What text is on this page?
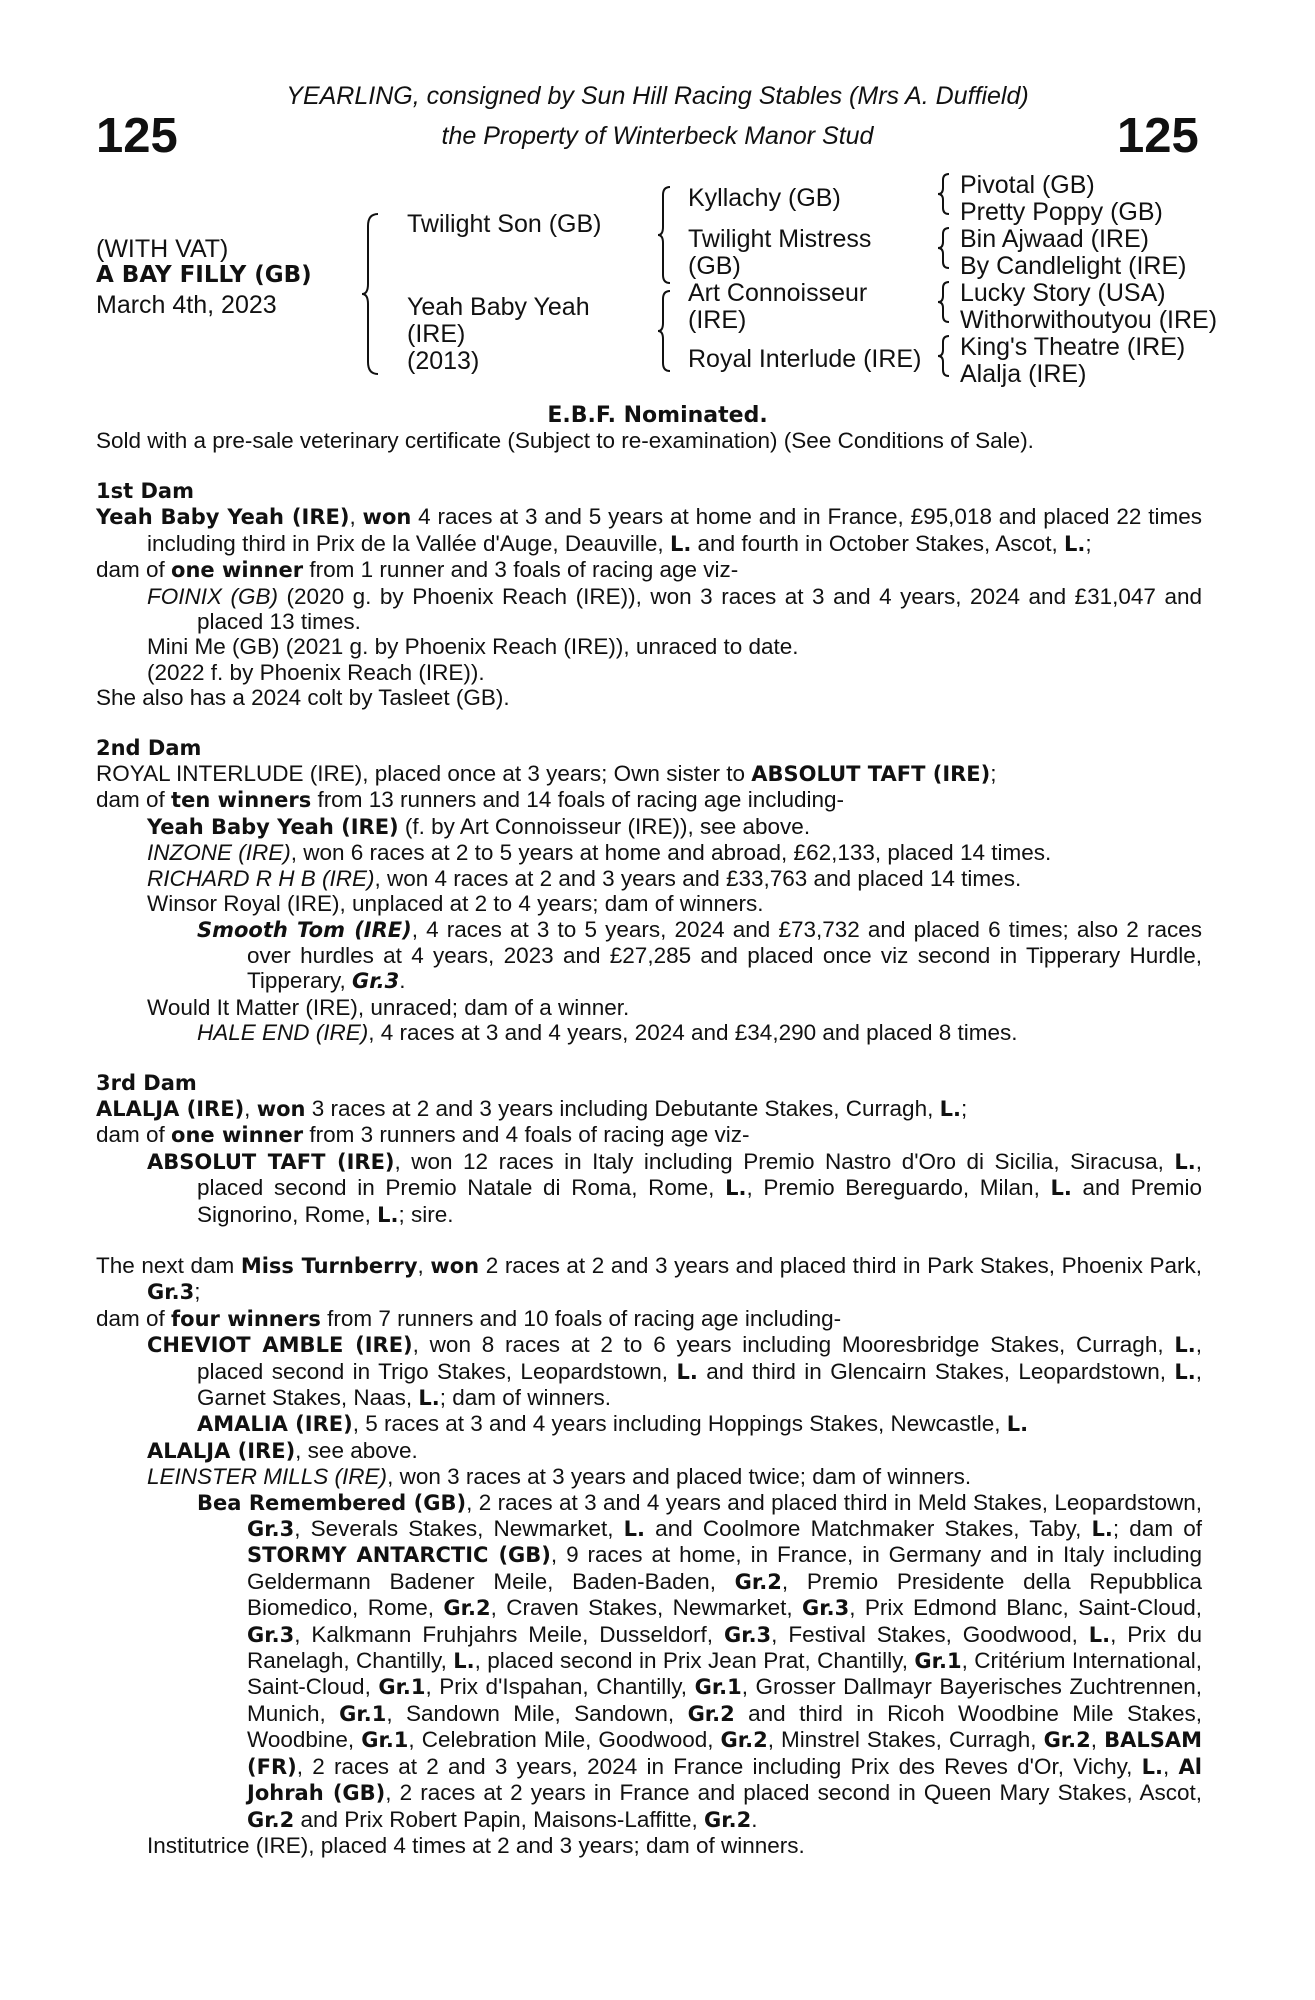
125	125
YEARLING, consigned by Sun Hill Racing Stables (Mrs A. Duffield)
the Property of Winterbeck Manor Stud
(WITH VAT)
A BAY FILLY (GB)
March 4th, 2023
Twilight Son (GB)
Yeah Baby Yeah
(IRE)
(2013)
Kyllachy (GB)
Twilight Mistress
(GB)
Art Connoisseur
(IRE)
Royal Interlude (IRE)
Pivotal (GB)
Pretty Poppy (GB)
Bin Ajwaad (IRE)
By Candlelight (IRE)
Lucky Story (USA)
Withorwithoutyou (IRE)
King's Theatre (IRE)
Alalja (IRE)
E.B.F. Nominated.
Sold with a pre-sale veterinary certificate (Subject to re-examination) (See Conditions of Sale).

1st Dam

Yeah Baby Yeah (IRE), won 4 races at 3 and 5 years at home and in France, £95,018 and placed 22 times including third in Prix de la Vallée d'Auge, Deauville, L. and fourth in October Stakes, Ascot, L.;

dam of one winner from 1 runner and 3 foals of racing age viz-

FOINIX (GB) (2020 g. by Phoenix Reach (IRE)), won 3 races at 3 and 4 years, 2024 and £31,047 and placed 13 times.

Mini Me (GB) (2021 g. by Phoenix Reach (IRE)), unraced to date.

(2022 f. by Phoenix Reach (IRE)).

She also has a 2024 colt by Tasleet (GB).

2nd Dam

ROYAL INTERLUDE (IRE), placed once at 3 years; Own sister to ABSOLUT TAFT (IRE);

dam of ten winners from 13 runners and 14 foals of racing age including-

Yeah Baby Yeah (IRE) (f. by Art Connoisseur (IRE)), see above.

INZONE (IRE), won 6 races at 2 to 5 years at home and abroad, £62,133, placed 14 times.

RICHARD R H B (IRE), won 4 races at 2 and 3 years and £33,763 and placed 14 times.

Winsor Royal (IRE), unplaced at 2 to 4 years; dam of winners.

Smooth Tom (IRE), 4 races at 3 to 5 years, 2024 and £73,732 and placed 6 times; also 2 races over hurdles at 4 years, 2023 and £27,285 and placed once viz second in Tipperary Hurdle, Tipperary, Gr.3.

Would It Matter (IRE), unraced; dam of a winner.

HALE END (IRE), 4 races at 3 and 4 years, 2024 and £34,290 and placed 8 times.

3rd Dam

ALALJA (IRE), won 3 races at 2 and 3 years including Debutante Stakes, Curragh, L.;

dam of one winner from 3 runners and 4 foals of racing age viz-

ABSOLUT TAFT (IRE), won 12 races in Italy including Premio Nastro d'Oro di Sicilia, Siracusa, L., placed second in Premio Natale di Roma, Rome, L., Premio Bereguardo, Milan, L. and Premio Signorino, Rome, L.; sire.

The next dam Miss Turnberry, won 2 races at 2 and 3 years and placed third in Park Stakes, Phoenix Park, Gr.3;

dam of four winners from 7 runners and 10 foals of racing age including-

CHEVIOT AMBLE (IRE), won 8 races at 2 to 6 years including Mooresbridge Stakes, Curragh, L., placed second in Trigo Stakes, Leopardstown, L. and third in Glencairn Stakes, Leopardstown, L., Garnet Stakes, Naas, L.; dam of winners.

AMALIA (IRE), 5 races at 3 and 4 years including Hoppings Stakes, Newcastle, L.

ALALJA (IRE), see above.

LEINSTER MILLS (IRE), won 3 races at 3 years and placed twice; dam of winners.

Bea Remembered (GB), 2 races at 3 and 4 years and placed third in Meld Stakes, Leopardstown, Gr.3, Severals Stakes, Newmarket, L. and Coolmore Matchmaker Stakes, Taby, L.; dam of STORMY ANTARCTIC (GB), 9 races at home, in France, in Germany and in Italy including Geldermann Badener Meile, Baden-Baden, Gr.2, Premio Presidente della Repubblica Biomedico, Rome, Gr.2, Craven Stakes, Newmarket, Gr.3, Prix Edmond Blanc, Saint-Cloud, Gr.3, Kalkmann Fruhjahrs Meile, Dusseldorf, Gr.3, Festival Stakes, Goodwood, L., Prix du Ranelagh, Chantilly, L., placed second in Prix Jean Prat, Chantilly, Gr.1, Critérium International, Saint-Cloud, Gr.1, Prix d'Ispahan, Chantilly, Gr.1, Grosser Dallmayr Bayerisches Zuchtrennen, Munich, Gr.1, Sandown Mile, Sandown, Gr.2 and third in Ricoh Woodbine Mile Stakes, Woodbine, Gr.1, Celebration Mile, Goodwood, Gr.2, Minstrel Stakes, Curragh, Gr.2, BALSAM (FR), 2 races at 2 and 3 years, 2024 in France including Prix des Reves d'Or, Vichy, L., Al Johrah (GB), 2 races at 2 years in France and placed second in Queen Mary Stakes, Ascot, Gr.2 and Prix Robert Papin, Maisons-Laffitte, Gr.2.

Institutrice (IRE), placed 4 times at 2 and 3 years; dam of winners.
